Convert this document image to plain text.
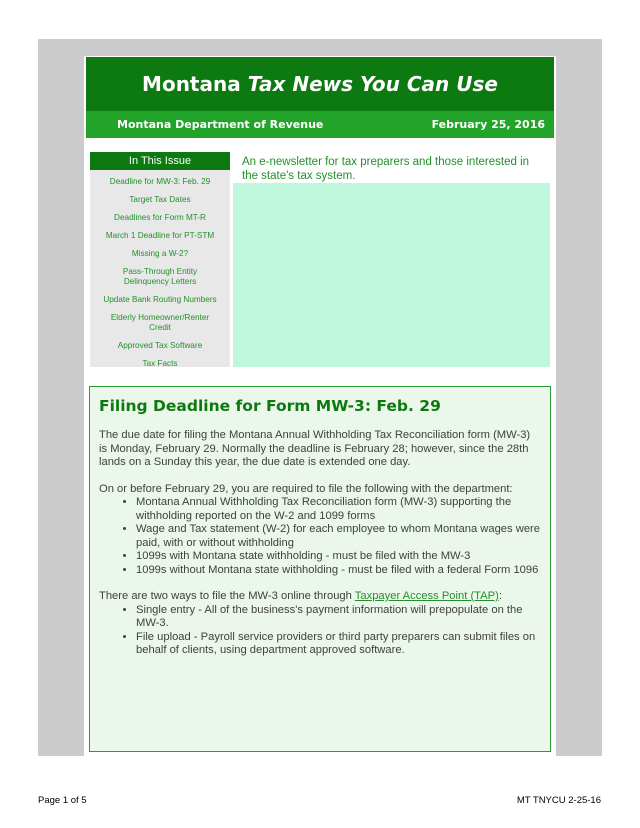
Montana Tax News You Can Use
Montana Department of Revenue	February 25, 2016
In This Issue
Deadline for MW-3: Feb. 29
Target Tax Dates
Deadlines for Form MT-R
March 1 Deadline for PT-STM
Missing a W-2?
Pass-Through Entity Delinquency Letters
Update Bank Routing Numbers
Elderly Homeowner/Renter Credit
Approved Tax Software
Tax Facts
An e-newsletter for tax preparers and those interested in the state's tax system.
Filing Deadline for Form MW-3: Feb. 29

The due date for filing the Montana Annual Withholding Tax Reconciliation form (MW-3) is Monday, February 29. Normally the deadline is February 28; however, since the 28th lands on a Sunday this year, the due date is extended one day.

On or before February 29, you are required to file the following with the department:

• Montana Annual Withholding Tax Reconciliation form (MW-3) supporting the withholding reported on the W-2 and 1099 forms
• Wage and Tax statement (W-2) for each employee to whom Montana wages were paid, with or without withholding
• 1099s with Montana state withholding - must be filed with the MW-3
• 1099s without Montana state withholding - must be filed with a federal Form 1096

There are two ways to file the MW-3 online through Taxpayer Access Point (TAP):

• Single entry - All of the business's payment information will prepopulate on the MW-3.
• File upload - Payroll service providers or third party preparers can submit files on behalf of clients, using department approved software.
Page 1 of 5	MT TNYCU 2-25-16
